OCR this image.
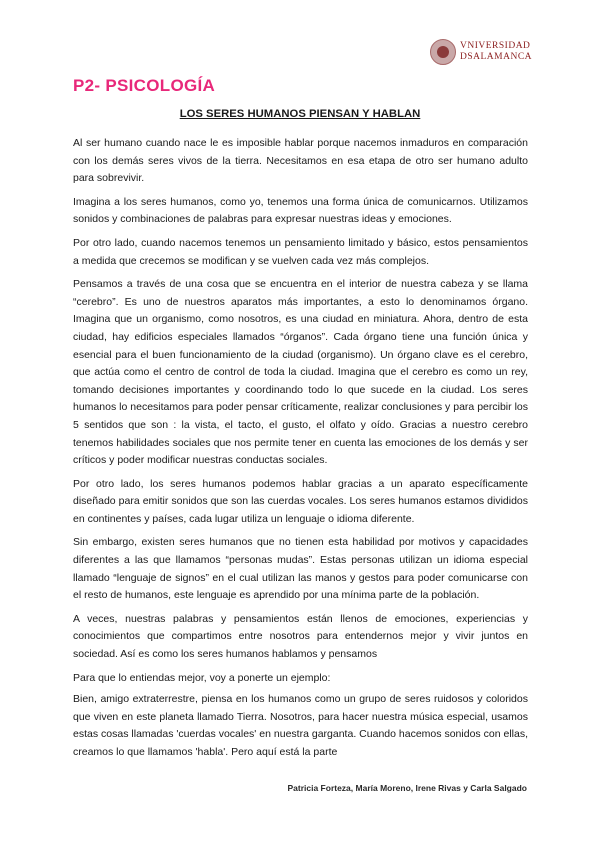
VNIVERSIDAD
DSALAMANCA
P2- PSICOLOGÍA
LOS SERES HUMANOS PIENSAN Y HABLAN

Al ser humano cuando nace le es imposible hablar porque nacemos inmaduros en comparación con los demás seres vivos de la tierra. Necesitamos en esa etapa de otro ser humano adulto para sobrevivir.

Imagina a los seres humanos, como yo, tenemos una forma única de comunicarnos. Utilizamos sonidos y combinaciones de palabras para expresar nuestras ideas y emociones.

Por otro lado, cuando nacemos tenemos un pensamiento limitado y básico, estos pensamientos a medida que crecemos se modifican y se vuelven cada vez más complejos.

Pensamos a través de una cosa que se encuentra en el interior de nuestra cabeza y se llama “cerebro”. Es uno de nuestros aparatos más importantes, a esto lo denominamos órgano. Imagina que un organismo, como nosotros, es una ciudad en miniatura. Ahora, dentro de esta ciudad, hay edificios especiales llamados “órganos”. Cada órgano tiene una función única y esencial para el buen funcionamiento de la ciudad (organismo). Un órgano clave es el cerebro, que actúa como el centro de control de toda la ciudad. Imagina que el cerebro es como un rey, tomando decisiones importantes y coordinando todo lo que sucede en la ciudad. Los seres humanos lo necesitamos para poder pensar críticamente, realizar conclusiones y para percibir los 5 sentidos que son : la vista, el tacto, el gusto, el olfato y oído. Gracias a nuestro cerebro tenemos habilidades sociales que nos permite tener en cuenta las emociones de los demás y ser críticos y poder modificar nuestras conductas sociales.

Por otro lado, los seres humanos podemos hablar gracias a un aparato específicamente diseñado para emitir sonidos que son las cuerdas vocales. Los seres humanos estamos divididos en continentes y países, cada lugar utiliza un lenguaje o idioma diferente.

Sin embargo, existen seres humanos que no tienen esta habilidad por motivos y capacidades diferentes a las que llamamos “personas mudas”. Estas personas utilizan un idioma especial llamado “lenguaje de signos” en el cual utilizan las manos y gestos para poder comunicarse con el resto de humanos, este lenguaje es aprendido por una mínima parte de la población.

A veces, nuestras palabras y pensamientos están llenos de emociones, experiencias y conocimientos que compartimos entre nosotros para entendernos mejor y vivir juntos en sociedad. Así es como los seres humanos hablamos y pensamos

Para que lo entiendas mejor, voy a ponerte un ejemplo:

Bien, amigo extraterrestre, piensa en los humanos como un grupo de seres ruidosos y coloridos que viven en este planeta llamado Tierra. Nosotros, para hacer nuestra música especial, usamos estas cosas llamadas 'cuerdas vocales' en nuestra garganta. Cuando hacemos sonidos con ellas, creamos lo que llamamos 'habla'. Pero aquí está la parte

Patricia Forteza, María Moreno, Irene Rivas y Carla Salgado
